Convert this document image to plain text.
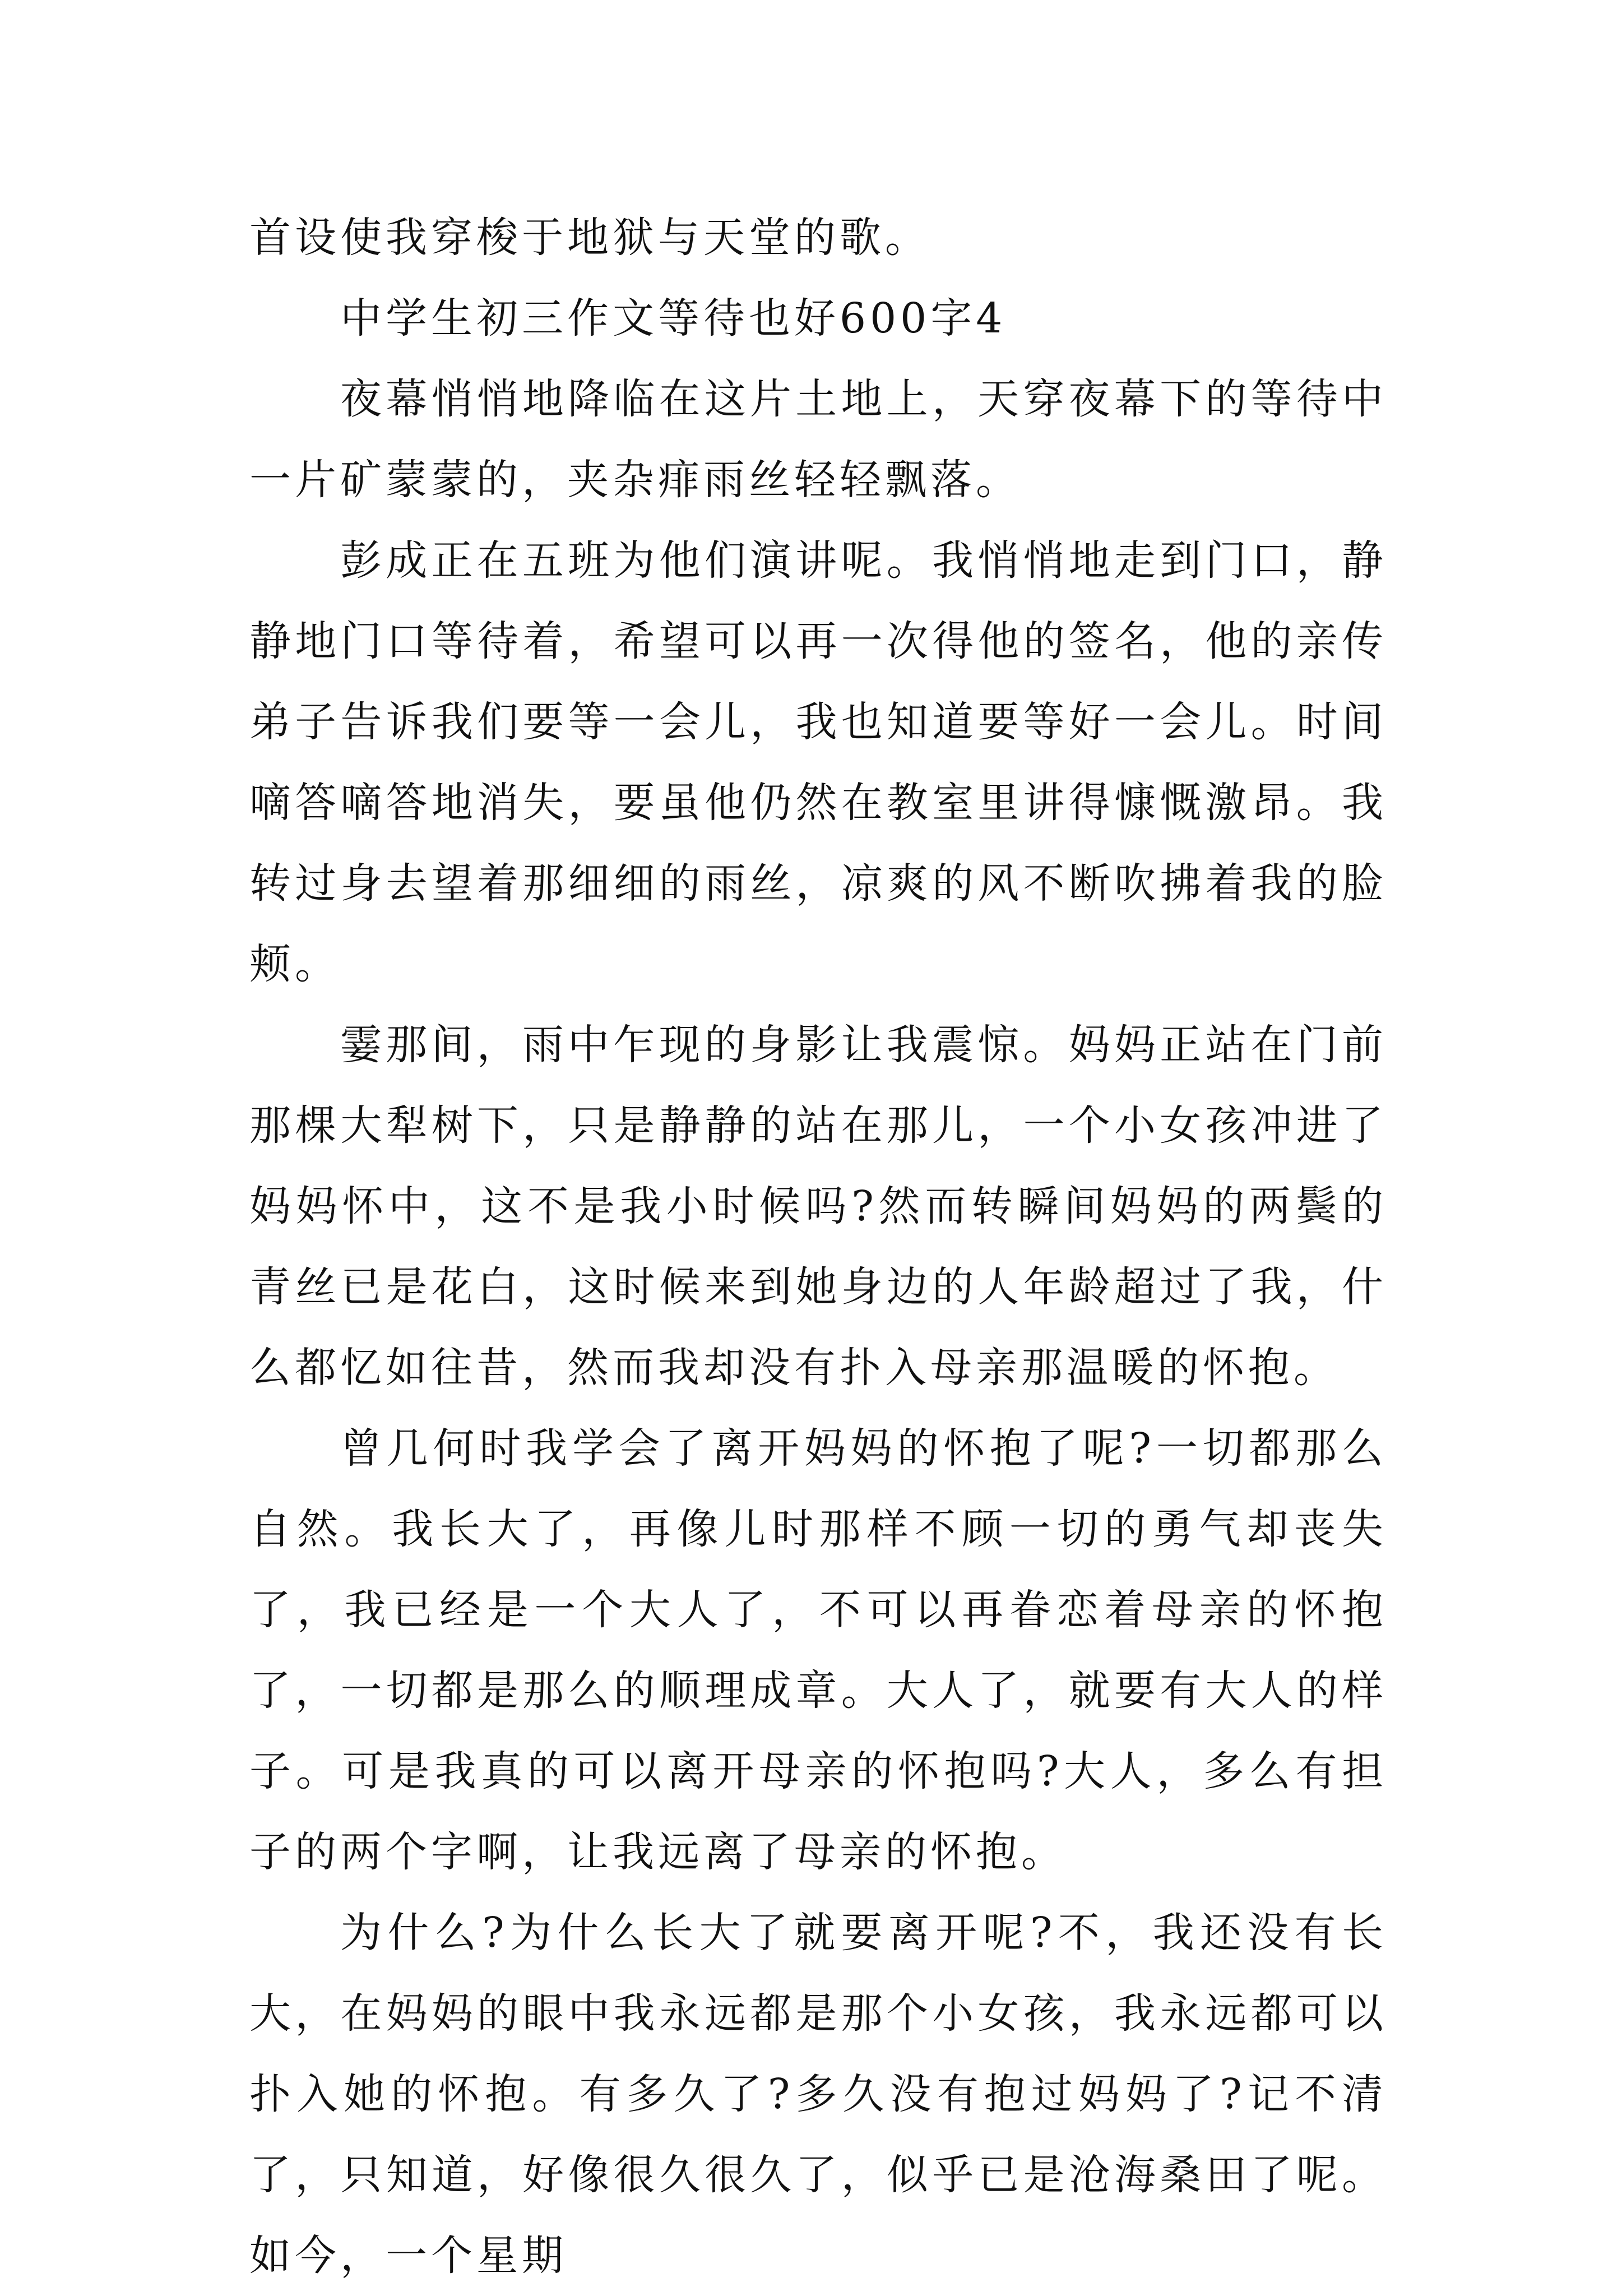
首设使我穿梭于地狱与天堂的歌。

中学生初三作文等待也好600字4

夜幕悄悄地降临在这片土地上，天穿夜幕下的等待中一片矿蒙蒙的，夹杂痱雨丝轻轻飘落。

彭成正在五班为他们演讲呢。我悄悄地走到门口，静静地门口等待着，希望可以再一次得他的签名，他的亲传弟子告诉我们要等一会儿，我也知道要等好一会儿。时间嘀答嘀答地消失，要虽他仍然在教室里讲得慷慨激昂。我转过身去望着那细细的雨丝，凉爽的风不断吹拂着我的脸颊。

霎那间，雨中乍现的身影让我震惊。妈妈正站在门前那棵大犁树下，只是静静的站在那儿，一个小女孩冲进了妈妈怀中，这不是我小时候吗?然而转瞬间妈妈的两鬓的青丝已是花白，这时候来到她身边的人年龄超过了我，什么都忆如往昔，然而我却没有扑入母亲那温暖的怀抱。

曾几何时我学会了离开妈妈的怀抱了呢?一切都那么自然。我长大了，再像儿时那样不顾一切的勇气却丧失了，我已经是一个大人了，不可以再眷恋着母亲的怀抱了，一切都是那么的顺理成章。大人了，就要有大人的样子。可是我真的可以离开母亲的怀抱吗?大人，多么有担子的两个字啊，让我远离了母亲的怀抱。

为什么?为什么长大了就要离开呢?不，我还没有长大，在妈妈的眼中我永远都是那个小女孩，我永远都可以扑入她的怀抱。有多久了?多久没有抱过妈妈了?记不清了，只知道，好像很久很久了，似乎已是沧海桑田了呢。如今，一个星期
